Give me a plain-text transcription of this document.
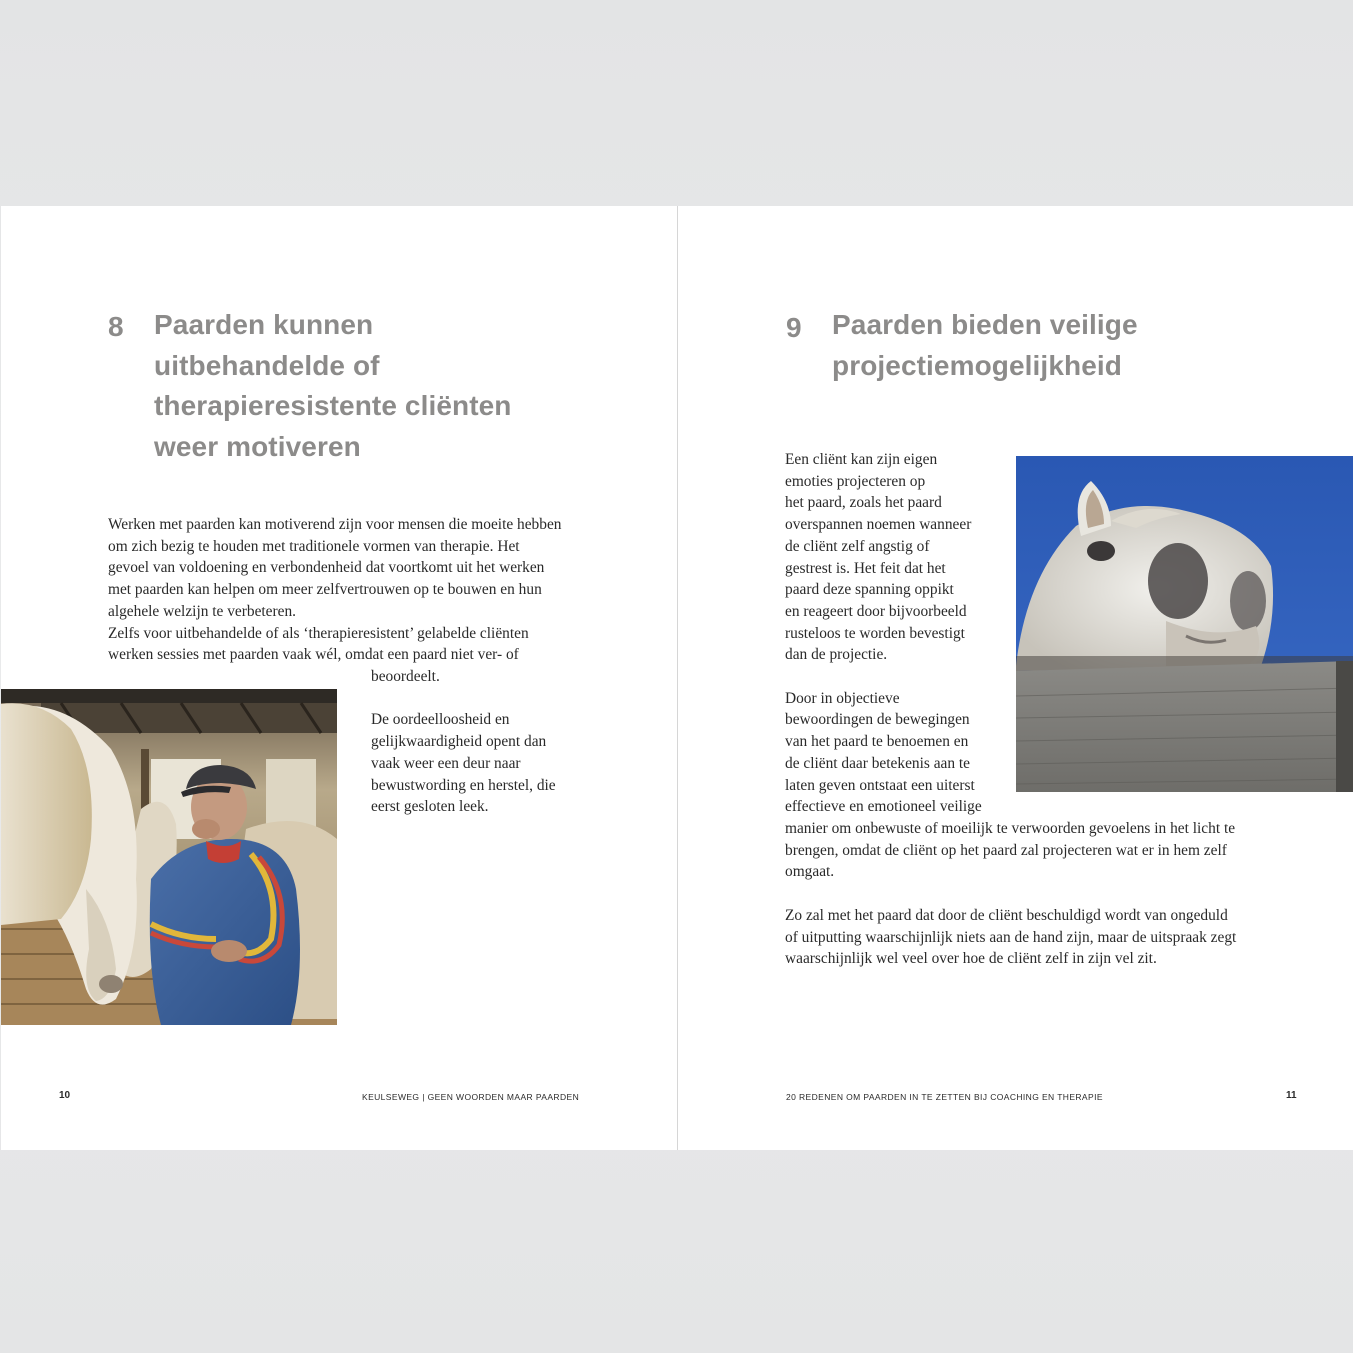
8 Paarden kunnen
uitbehandelde of
therapieresistente cliënten
weer motiveren
Werken met paarden kan motiverend zijn voor mensen die moeite hebben
om zich bezig te houden met traditionele vormen van therapie. Het
gevoel van voldoening en verbondenheid dat voortkomt uit het werken
met paarden kan helpen om meer zelfvertrouwen op te bouwen en hun
algehele welzijn te verbeteren.
Zelfs voor uitbehandelde of als ‘therapieresistent’ gelabelde cliënten
werken sessies met paarden vaak wél, omdat een paard niet ver- of
beoordeelt.
De oordeelloosheid en
gelijkwaardigheid opent dan
vaak weer een deur naar
bewustwording en herstel, die
eerst gesloten leek.
10	KEULSEWEG | GEEN WOORDEN MAAR PAARDEN
9 Paarden bieden veilige
projectiemogelijkheid
Een cliënt kan zijn eigen
emoties projecteren op
het paard, zoals het paard
overspannen noemen wanneer
de cliënt zelf angstig of
gestrest is. Het feit dat het
paard deze spanning oppikt
en reageert door bijvoorbeeld
rusteloos te worden bevestigt
dan de projectie.
Door in objectieve
bewoordingen de bewegingen
van het paard te benoemen en
de cliënt daar betekenis aan te
laten geven ontstaat een uiterst
effectieve en emotioneel veilige
manier om onbewuste of moeilijk te verwoorden gevoelens in het licht te
brengen, omdat de cliënt op het paard zal projecteren wat er in hem zelf
omgaat.
Zo zal met het paard dat door de cliënt beschuldigd wordt van ongeduld
of uitputting waarschijnlijk niets aan de hand zijn, maar de uitspraak zegt
waarschijnlijk wel veel over hoe de cliënt zelf in zijn vel zit.
20 REDENEN OM PAARDEN IN TE ZETTEN BIJ COACHING EN THERAPIE	11
